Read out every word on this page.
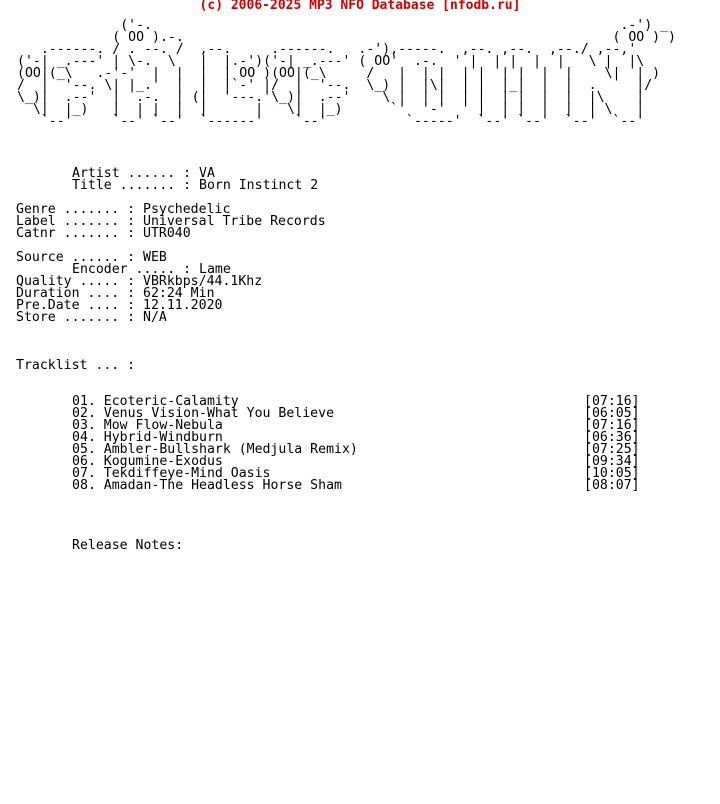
(c) 2006-2025 MP3 NFO Database [nfodb.ru]
('-.                                                           .-') _
( OO ).-.                                                      ( OO ) )
.------. / . --. /  ,--.     .------.   .-'),-----.  ,--. ,--.  ,--./ ,--,'
('-| _.---' | \-.  \   |  |.-')('-| _.---' ( OO'  .-.  ' |  | |  |  |   \ |  |\
(OO|(_\   .-'-'  |  |  |  | OO )(OO|(_\     /   |  | |  | |  | |  |  |    \|  | )
/  |  '--. \| |_.'  |  |  |`-' |/  |  '--.  \_) |  |\|  | |  |_|  |  |  .     |/
\_)|  .--'  |  .-.  | (|  '---.'\_)|  .--'    \ |  | |  | |  | |  |  |  |\    |
\|  |_)   |  | |  |  |      |   \|  |_)      `'  '-'  ' |  | |  |  |  | \   |
`--'     `--' `--'  `------'    `--'          `-----'  `--' `--'  `--'  `--'
Artist ...... : VA
Title ....... : Born Instinct 2
Genre ....... : Psychedelic
Label ....... : Universal Tribe Records
Catnr ....... : UTR040
Source ...... : WEB
Encoder ..... : Lame
Quality ..... : VBRkbps/44.1Khz
Duration .... : 62:24 Min
Pre.Date .... : 12.11.2020
Store ....... : N/A
Tracklist ... :
01. Ecoteric-Calamity	[07:16]
02. Venus Vision-What You Believe	[06:05]
03. Mow Flow-Nebula	[07:16]
04. Hybrid-Windburn	[06:36]
05. Ambler-Bullshark (Medjula Remix)	[07:25]
06. Kogumine-Exodus	[09:34]
07. Tekdiffeye-Mind Oasis	[10:05]
08. Amadan-The Headless Horse Sham	[08:07]
Release Notes:
